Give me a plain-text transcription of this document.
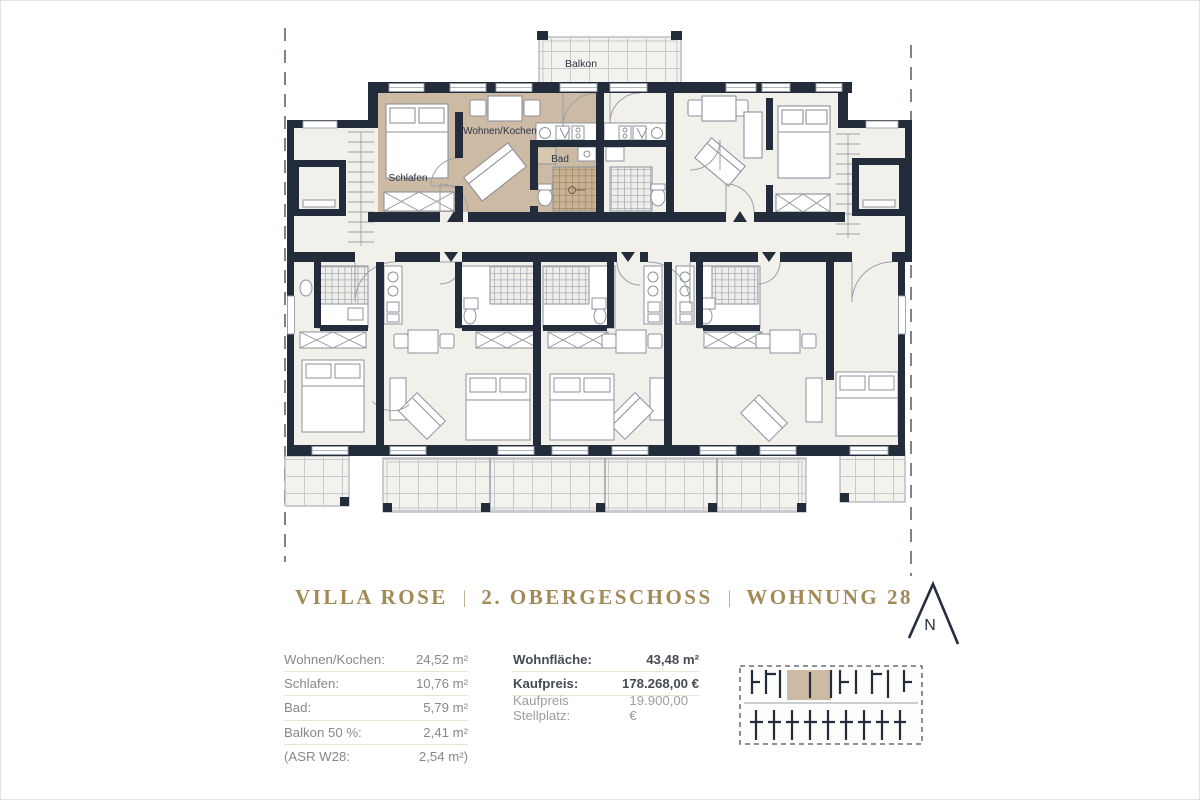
Balkon
Schlafen
Wohnen/Kochen
Bad
N
VILLA ROSE | 2. OBERGESCHOSS | WOHNUNG 28
Wohnen/Kochen: 24,52 m²
Schlafen:	10,76 m²
Bad:	5,79 m²
Balkon 50 %:	2,41 m²
(ASR W28:	2,54 m²)
Wohnfläche:	43,48 m²
Kaufpreis:	178.268,00 €
Kaufpreis Stellplatz:
19.900,00 €
